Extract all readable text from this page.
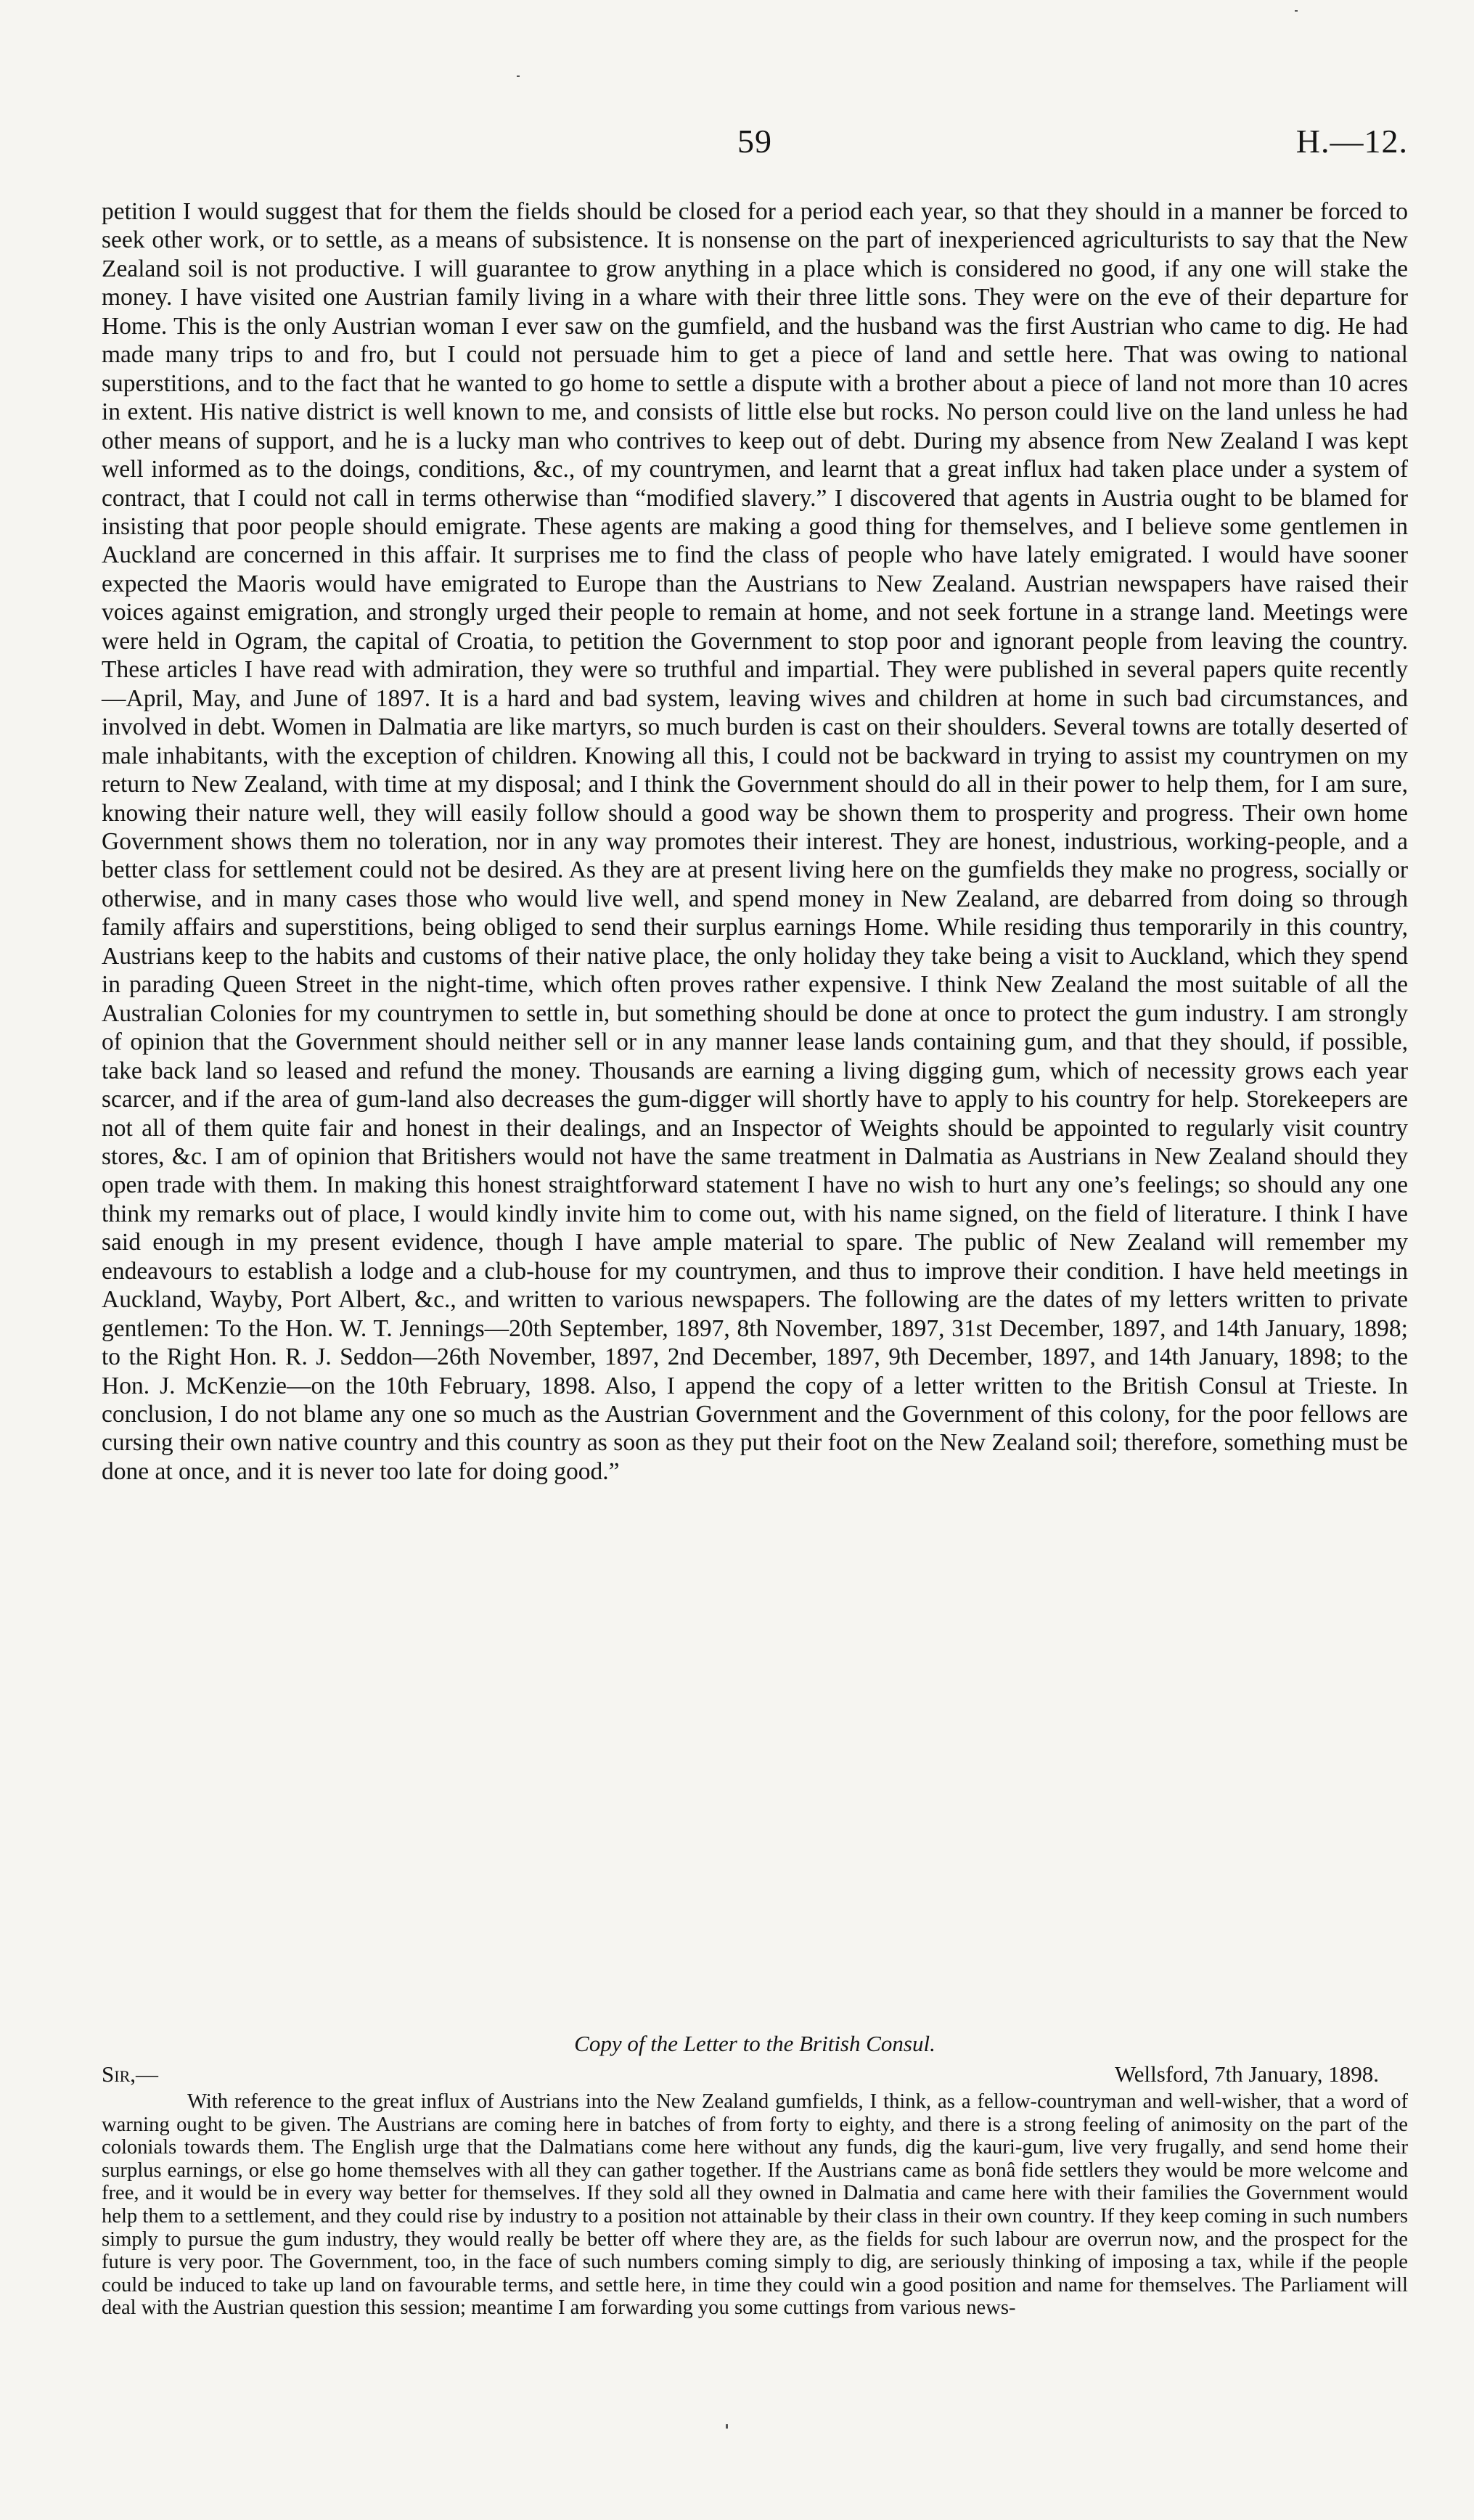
59	H.—12.

petition I would suggest that for them the fields should be closed for a period each year, so that they should in a manner be forced to seek other work, or to settle, as a means of subsistence. It is nonsense on the part of inexperienced agriculturists to say that the New Zealand soil is not productive. I will guarantee to grow anything in a place which is considered no good, if any one will stake the money. I have visited one Austrian family living in a whare with their three little sons. They were on the eve of their departure for Home. This is the only Austrian woman I ever saw on the gumfield, and the husband was the first Austrian who came to dig. He had made many trips to and fro, but I could not persuade him to get a piece of land and settle here. That was owing to national superstitions, and to the fact that he wanted to go home to settle a dispute with a brother about a piece of land not more than 10 acres in extent. His native district is well known to me, and consists of little else but rocks. No person could live on the land unless he had other means of support, and he is a lucky man who contrives to keep out of debt. During my absence from New Zealand I was kept well informed as to the doings, conditions, &c., of my countrymen, and learnt that a great influx had taken place under a system of contract, that I could not call in terms otherwise than “modified slavery.” I discovered that agents in Austria ought to be blamed for insisting that poor people should emigrate. These agents are making a good thing for themselves, and I believe some gentlemen in Auckland are concerned in this affair. It surprises me to find the class of people who have lately emigrated. I would have sooner expected the Maoris would have emigrated to Europe than the Austrians to New Zealand. Austrian newspapers have raised their voices against emigration, and strongly urged their people to remain at home, and not seek fortune in a strange land. Meetings were were held in Ogram, the capital of Croatia, to petition the Government to stop poor and ignorant people from leaving the country. These articles I have read with admiration, they were so truthful and impartial. They were published in several papers quite recently—April, May, and June of 1897. It is a hard and bad system, leaving wives and children at home in such bad circumstances, and involved in debt. Women in Dalmatia are like martyrs, so much burden is cast on their shoulders. Several towns are totally deserted of male inhabitants, with the exception of children. Knowing all this, I could not be backward in trying to assist my countrymen on my return to New Zealand, with time at my disposal; and I think the Government should do all in their power to help them, for I am sure, knowing their nature well, they will easily follow should a good way be shown them to prosperity and progress. Their own home Government shows them no toleration, nor in any way promotes their interest. They are honest, industrious, working-people, and a better class for settlement could not be desired. As they are at present living here on the gumfields they make no progress, socially or otherwise, and in many cases those who would live well, and spend money in New Zealand, are debarred from doing so through family affairs and superstitions, being obliged to send their surplus earnings Home. While residing thus temporarily in this country, Austrians keep to the habits and customs of their native place, the only holiday they take being a visit to Auckland, which they spend in parading Queen Street in the night-time, which often proves rather expensive. I think New Zealand the most suitable of all the Australian Colonies for my countrymen to settle in, but something should be done at once to protect the gum industry. I am strongly of opinion that the Government should neither sell or in any manner lease lands containing gum, and that they should, if possible, take back land so leased and refund the money. Thousands are earning a living digging gum, which of necessity grows each year scarcer, and if the area of gum-land also decreases the gum-digger will shortly have to apply to his country for help. Storekeepers are not all of them quite fair and honest in their dealings, and an Inspector of Weights should be appointed to regularly visit country stores, &c. I am of opinion that Britishers would not have the same treatment in Dalmatia as Austrians in New Zealand should they open trade with them. In making this honest straightforward statement I have no wish to hurt any one’s feelings; so should any one think my remarks out of place, I would kindly invite him to come out, with his name signed, on the field of literature. I think I have said enough in my present evidence, though I have ample material to spare. The public of New Zealand will remember my endeavours to establish a lodge and a club-house for my countrymen, and thus to improve their condition. I have held meetings in Auckland, Wayby, Port Albert, &c., and written to various newspapers. The following are the dates of my letters written to private gentlemen: To the Hon. W. T. Jennings—20th September, 1897, 8th November, 1897, 31st December, 1897, and 14th January, 1898; to the Right Hon. R. J. Seddon—26th November, 1897, 2nd December, 1897, 9th December, 1897, and 14th January, 1898; to the Hon. J. McKenzie—on the 10th February, 1898. Also, I append the copy of a letter written to the British Consul at Trieste. In conclusion, I do not blame any one so much as the Austrian Government and the Government of this colony, for the poor fellows are cursing their own native country and this country as soon as they put their foot on the New Zealand soil; therefore, something must be done at once, and it is never too late for doing good.”

Copy of the Letter to the British Consul.
Sir,—	Wellsford, 7th January, 1898.

With reference to the great influx of Austrians into the New Zealand gumfields, I think, as a fellow-countryman and well-wisher, that a word of warning ought to be given. The Austrians are coming here in batches of from forty to eighty, and there is a strong feeling of animosity on the part of the colonials towards them. The English urge that the Dalmatians come here without any funds, dig the kauri-gum, live very frugally, and send home their surplus earnings, or else go home themselves with all they can gather together. If the Austrians came as bonâ fide settlers they would be more welcome and free, and it would be in every way better for themselves. If they sold all they owned in Dalmatia and came here with their families the Government would help them to a settlement, and they could rise by industry to a position not attainable by their class in their own country. If they keep coming in such numbers simply to pursue the gum industry, they would really be better off where they are, as the fields for such labour are overrun now, and the prospect for the future is very poor. The Government, too, in the face of such numbers coming simply to dig, are seriously thinking of imposing a tax, while if the people could be induced to take up land on favourable terms, and settle here, in time they could win a good position and name for themselves. The Parliament will deal with the Austrian question this session; meantime I am forwarding you some cuttings from various news-
